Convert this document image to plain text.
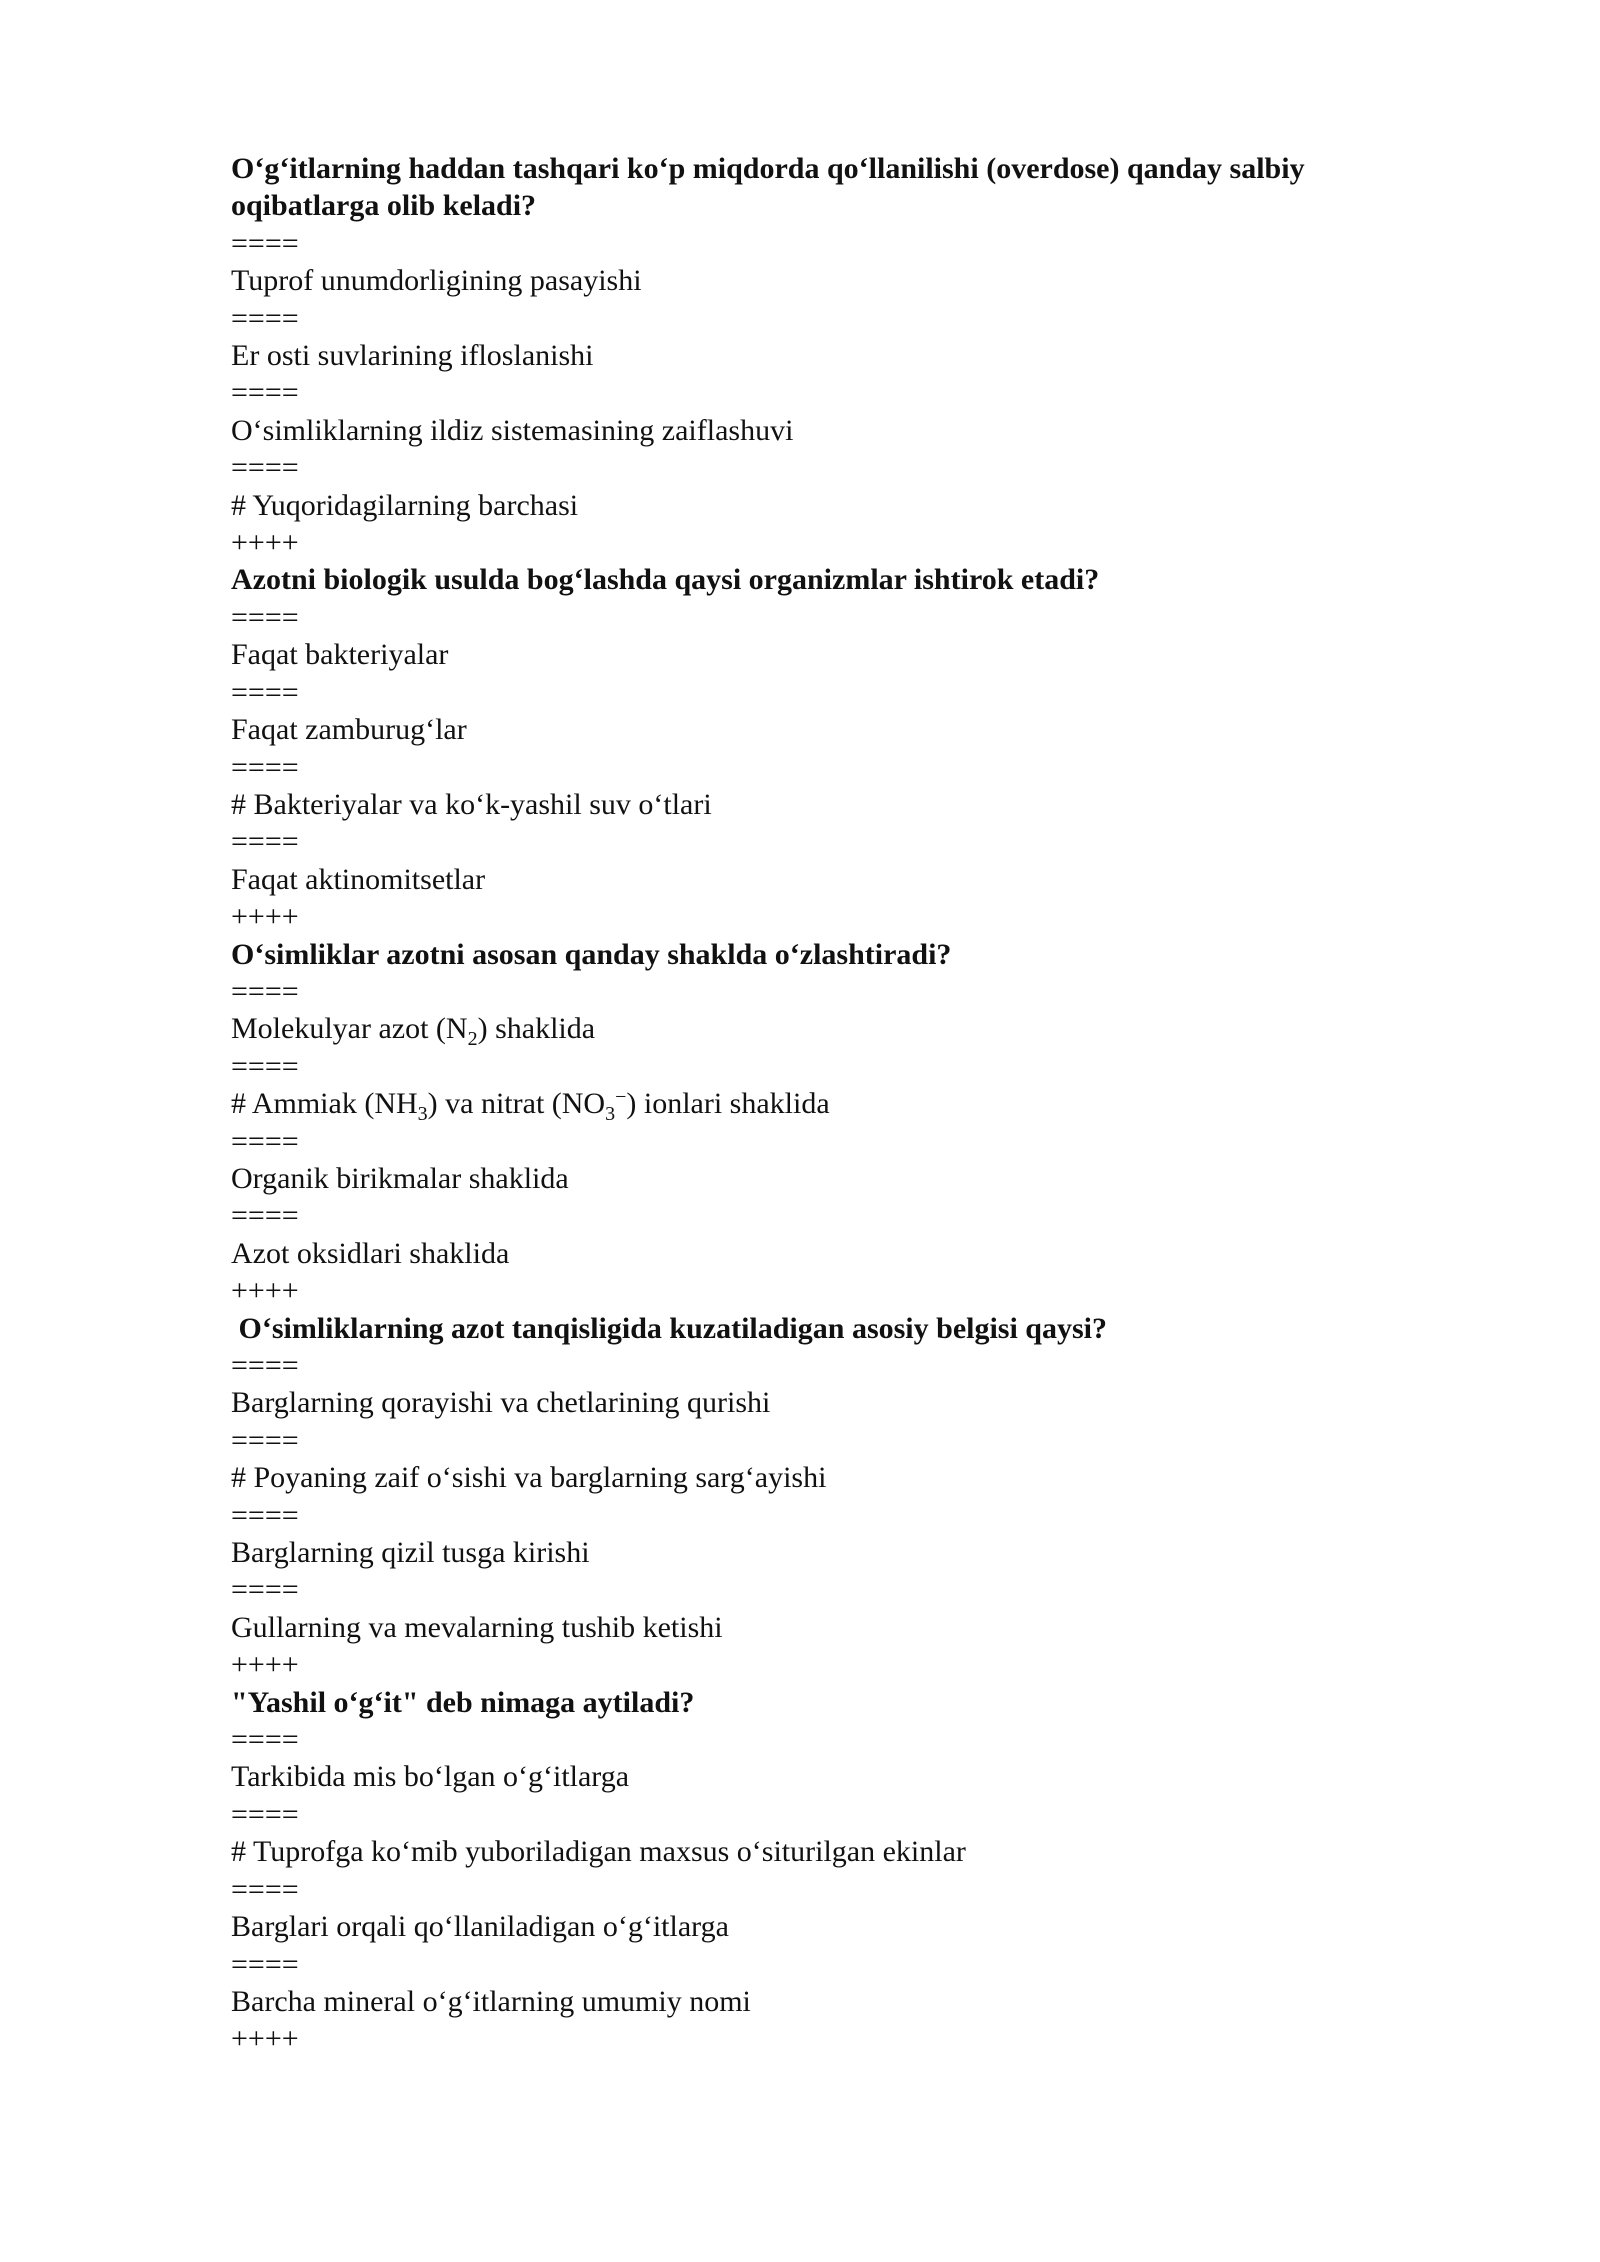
O‘g‘itlarning haddan tashqari ko‘p miqdorda qo‘llanilishi (overdose) qanday salbiy oqibatlarga olib keladi?

====

Tuprof unumdorligining pasayishi

====

Er osti suvlarining ifloslanishi

====

O‘simliklarning ildiz sistemasining zaiflashuvi

====

# Yuqoridagilarning barchasi

++++

Azotni biologik usulda bog‘lashda qaysi organizmlar ishtirok etadi?

====

Faqat bakteriyalar

====

Faqat zamburug‘lar

====

# Bakteriyalar va ko‘k-yashil suv o‘tlari

====

Faqat aktinomitsetlar

++++

O‘simliklar azotni asosan qanday shaklda o‘zlashtiradi?

====

Molekulyar azot $(N_2)$ shaklida

====

# Ammiak $(NH_3)$ va nitrat $(NO_3^-)$ ionlari shaklida

====

Organik birikmalar shaklida

====

Azot oksidlari shaklida

++++

O‘simliklarning azot tanqisligida kuzatiladigan asosiy belgisi qaysi?

====

Barglarning qorayishi va chetlarining qurishi

====

# Poyaning zaif o‘sishi va barglarning sarg‘ayishi

====

Barglarning qizil tusga kirishi

====

Gullarning va mevalarning tushib ketishi

++++

"Yashil o‘g‘it" deb nimaga aytiladi?

====

Tarkibida mis bo‘lgan o‘g‘itlarga

====

# Tuprofga ko‘mib yuboriladigan maxsus o‘siturilgan ekinlar

====

Barglari orqali qo‘llaniladigan o‘g‘itlarga

====

Barcha mineral o‘g‘itlarning umumiy nomi

++++
